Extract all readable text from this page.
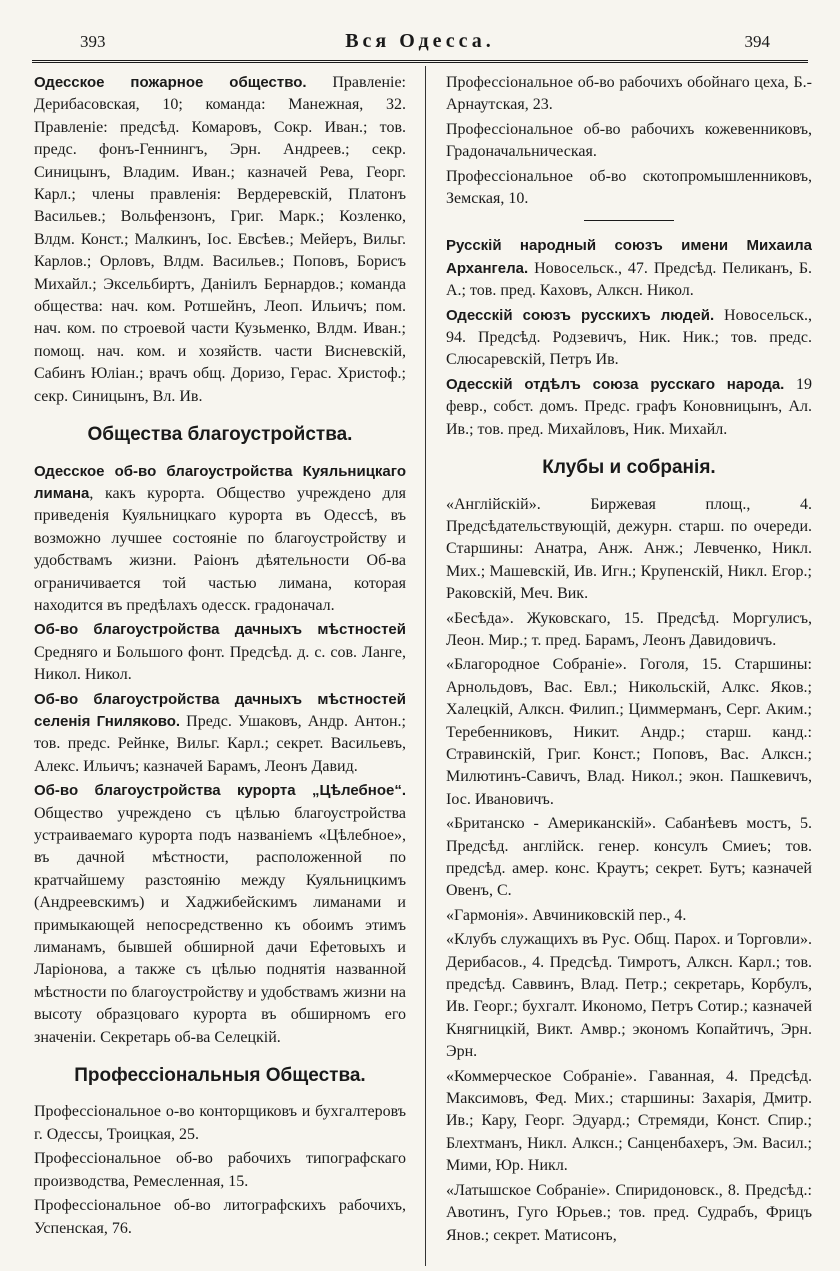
393	Вся Одесса.	394

Одесское пожарное общество. Правленіе: Дерибасовская, 10; команда: Манежная, 32. Правленіе: предсѣд. Комаровъ, Сокр. Иван.; тов. предс. фонъ-Геннингъ, Эрн. Андреев.; секр. Синицынъ, Владим. Иван.; казначей Рева, Георг. Карл.; члены правленія: Вердеревскій, Платонъ Васильев.; Вольфензонъ, Григ. Марк.; Козленко, Влдм. Конст.; Малкинъ, Іос. Евсѣев.; Мейеръ, Вильг. Карлов.; Орловъ, Влдм. Васильев.; Поповъ, Борисъ Михайл.; Эксельбиртъ, Даніилъ Бернардов.; команда общества: нач. ком. Ротшейнъ, Леоп. Ильичъ; пом. нач. ком. по строевой части Кузьменко, Влдм. Иван.; помощ. нач. ком. и хозяйств. части Висневскій, Сабинъ Юліан.; врачъ общ. Доризо, Герас. Христоф.; секр. Синицынъ, Вл. Ив.

Общества благоустройства.

Одесское об-во благоустройства Куяльницкаго лимана, какъ курорта. Общество учреждено для приведенія Куяльницкаго курорта въ Одессѣ, въ возможно лучшее состояніе по благоустройству и удобствамъ жизни. Раіонъ дѣятельности Об-ва ограничивается той частью лимана, которая находится въ предѣлахъ одесск. градоначал.

Об-во благоустройства дачныхъ мѣстностей Средняго и Большого фонт. Предсѣд. д. с. сов. Ланге, Никол. Никол.

Об-во благоустройства дачныхъ мѣстностей селенія Гниляково. Предс. Ушаковъ, Андр. Антон.; тов. предс. Рейнке, Вильг. Карл.; секрет. Васильевъ, Алекс. Ильичъ; казначей Барамъ, Леонъ Давид.

Об-во благоустройства курорта „Цѣлебное“. Общество учреждено съ цѣлью благоустройства устраиваемаго курорта подъ названіемъ «Цѣлебное», въ дачной мѣстности, расположенной по кратчайшему разстоянію между Куяльницкимъ (Андреевскимъ) и Хаджибейскимъ лиманами и примыкающей непосредственно къ обоимъ этимъ лиманамъ, бывшей обширной дачи Ефетовыхъ и Ларіонова, а также съ цѣлью поднятія названной мѣстности по благоустройству и удобствамъ жизни на высоту образцоваго курорта въ обширномъ его значеніи. Секретарь об-ва Селецкій.

Профессіональныя Общества.

Профессіональное о-во конторщиковъ и бухгалтеровъ г. Одессы, Троицкая, 25.

Профессіональное об-во рабочихъ типографскаго производства, Ремесленная, 15.

Профессіональное об-во литографскихъ рабочихъ, Успенская, 76.

Профессіональное об-во рабочихъ обойнаго цеха, Б.-Арнаутская, 23.

Профессіональное об-во рабочихъ кожевенниковъ, Градоначальническая.

Профессіональное об-во скотопромышленниковъ, Земская, 10.

Русскій народный союзъ имени Михаила Архангела. Новосельск., 47. Предсѣд. Пеликанъ, Б. А.; тов. пред. Каховъ, Алксн. Никол.

Одесскій союзъ русскихъ людей. Новосельск., 94. Предсѣд. Родзевичъ, Ник. Ник.; тов. предс. Слюсаревскій, Петръ Ив.

Одесскій отдѣлъ союза русскаго народа. 19 февр., собст. домъ. Предс. графъ Коновницынъ, Ал. Ив.; тов. пред. Михайловъ, Ник. Михайл.

Клубы и собранія.

«Англійскій». Биржевая площ., 4. Предсѣдательствующій, дежурн. старш. по очереди. Старшины: Анатра, Анж. Анж.; Левченко, Никл. Мих.; Машевскій, Ив. Игн.; Крупенскій, Никл. Егор.; Раковскій, Меч. Вик.

«Бесѣда». Жуковскаго, 15. Предсѣд. Моргулисъ, Леон. Мир.; т. пред. Барамъ, Леонъ Давидовичъ.

«Благородное Собраніе». Гоголя, 15. Старшины: Арнольдовъ, Вас. Евл.; Никольскій, Алкс. Яков.; Халецкій, Алксн. Филип.; Циммерманъ, Серг. Аким.; Теребенниковъ, Никит. Андр.; старш. канд.: Стравинскій, Григ. Конст.; Поповъ, Вас. Алксн.; Милютинъ-Савичъ, Влад. Никол.; экон. Пашкевичъ, Іос. Ивановичъ.

«Британско - Американскій». Сабанѣевъ мостъ, 5. Предсѣд. англійск. генер. консулъ Смиеъ; тов. предсѣд. амер. конс. Краутъ; секрет. Бутъ; казначей Овенъ, С.

«Гармонія». Авчиниковскій пер., 4.

«Клубъ служащихъ въ Рус. Общ. Парох. и Торговли». Дерибасов., 4. Предсѣд. Тимротъ, Алксн. Карл.; тов. предсѣд. Саввинъ, Влад. Петр.; секретарь, Корбулъ, Ив. Георг.; бухгалт. Икономо, Петръ Сотир.; казначей Княгницкій, Викт. Амвр.; экономъ Копайтичъ, Эрн. Эрн.

«Коммерческое Собраніе». Гаванная, 4. Предсѣд. Максимовъ, Фед. Мих.; старшины: Захарія, Дмитр. Ив.; Кару, Георг. Эдуард.; Стремяди, Конст. Спир.; Блехтманъ, Никл. Алксн.; Санценбахеръ, Эм. Васил.; Мими, Юр. Никл.

«Латышское Собраніе». Спиридоновск., 8. Предсѣд.: Авотинъ, Гуго Юрьев.; тов. пред. Судрабъ, Фрицъ Янов.; секрет. Матисонъ,
